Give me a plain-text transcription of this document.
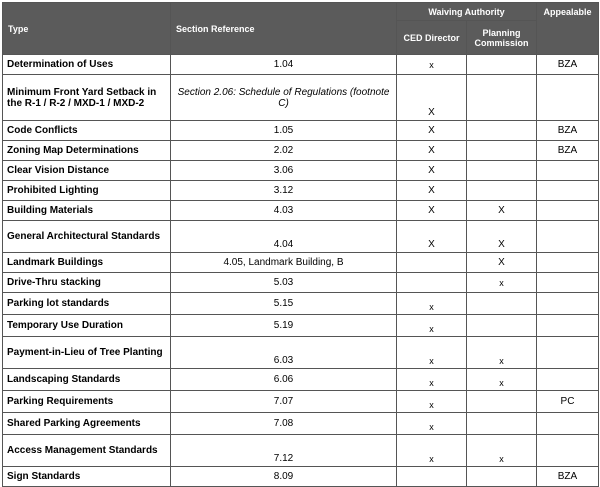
Type	Section Reference	Waiving Authority		Appealable
		CED Director	Planning Commission	
Determination of Uses	1.04	x		BZA
Minimum Front Yard Setback in the R-1 / R-2 / MXD-1 / MXD-2	Section 2.06: Schedule of Regulations (footnote C)	X		
Code Conflicts	1.05	X		BZA
Zoning Map Determinations	2.02	X		BZA
Clear Vision Distance	3.06	X		
Prohibited Lighting	3.12	X		
Building Materials	4.03	X	X	
General Architectural Standards	4.04	X	X	
Landmark Buildings	4.05, Landmark Building, B		X	
Drive-Thru stacking	5.03		x	
Parking lot standards	5.15	x		
Temporary Use Duration	5.19	x		
Payment-in-Lieu of Tree Planting	6.03	x	x	
Landscaping Standards	6.06	x	x	
Parking Requirements	7.07	x		PC
Shared Parking Agreements	7.08	x		
Access Management Standards	7.12	x	x	
Sign Standards	8.09			BZA
